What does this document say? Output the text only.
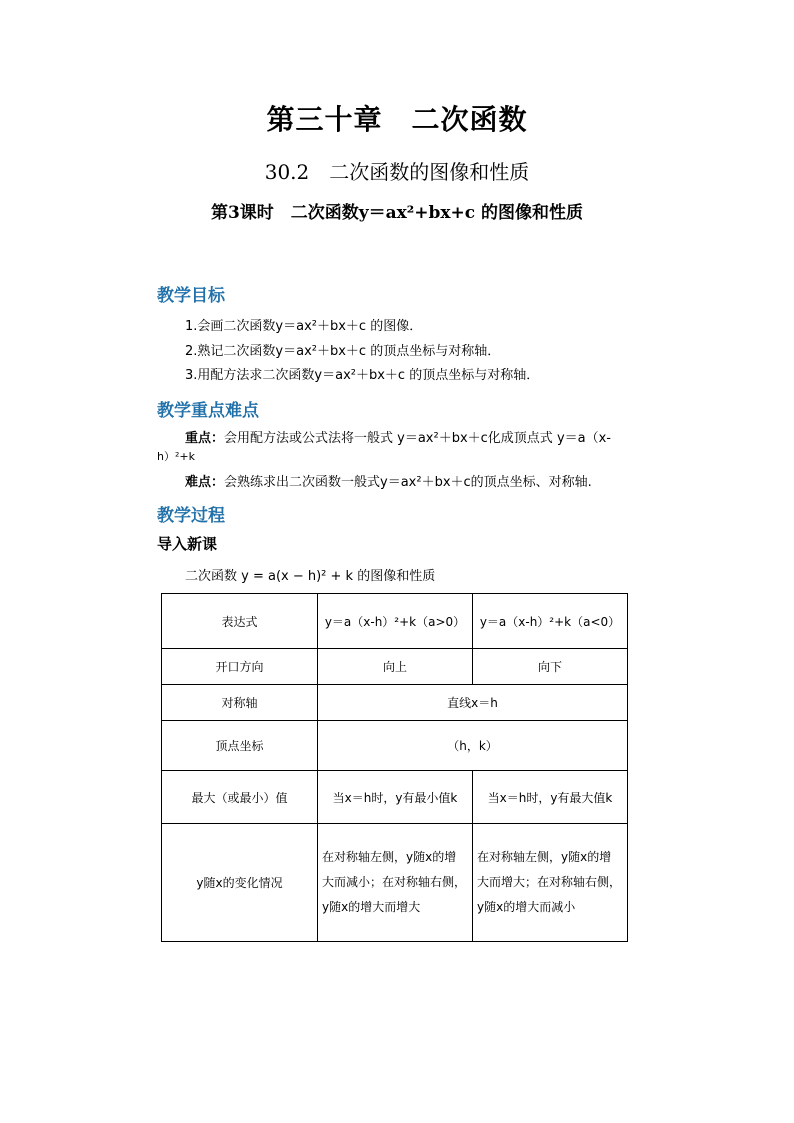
第三十章　二次函数
30.2　二次函数的图像和性质
第3课时　二次函数y＝ax²+bx+c 的图像和性质
教学目标
1.会画二次函数y＝ax²＋bx＋c 的图像．
2.熟记二次函数y＝ax²＋bx＋c 的顶点坐标与对称轴．
3.用配方法求二次函数y＝ax²＋bx＋c 的顶点坐标与对称轴．
教学重点难点
重点：会用配方法或公式法将一般式 y＝ax²＋bx＋c化成顶点式 y＝a（x-
h）²+k
难点：会熟练求出二次函数一般式y＝ax²＋bx＋c的顶点坐标、对称轴.
教学过程
导入新课
二次函数 y = a(x − h)² + k 的图像和性质
表达式	y＝a（x-h）²+k（a>0）	y＝a（x-h）²+k（a<0）
开口方向	向上	向下
对称轴	直线x＝h	
顶点坐标	（h，k）	
最大（或最小）值	当x＝h时，y有最小值k	当x＝h时，y有最大值k
y随x的变化情况	在对称轴左侧，y随x的增大而减小；在对称轴右侧，y随x的增大而增大	在对称轴左侧，y随x的增大而增大；在对称轴右侧，y随x的增大而减小
